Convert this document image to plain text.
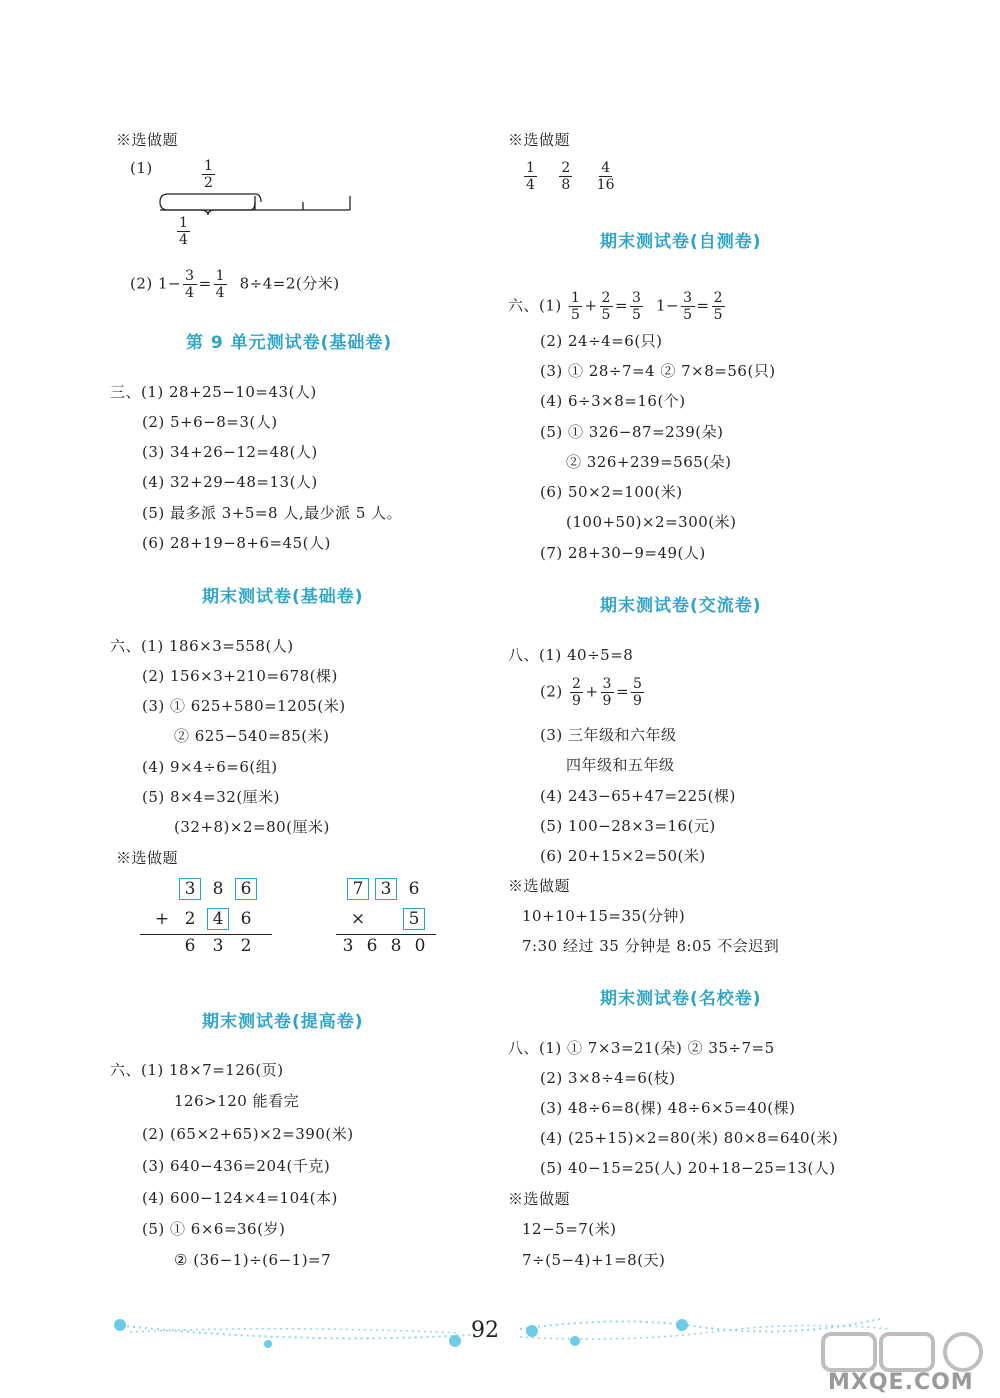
※选做题
(1)	$\frac{1}{2}$
$\frac{1}{4}$
(2) $1- \frac{3}{4} = \frac{1}{4} 8\div 4=2$(分米)
第 9 单元测试卷(基础卷)
三、(1) 28+25−10=43(人)
(2) 5+6−8=3(人)
(3) 34+26−12=48(人)
(4) 32+29−48=13(人)
(5) 最多派 3+5=8 人,最少派 5 人。
(6) 28+19−8+6=45(人)
期末测试卷(基础卷)
六、(1) 186×3=558(人)
(2) 156×3+210=678(棵)
(3) ① 625+580=1205(米)
② 625−540=85(米)
(4) 9×4÷6=6(组)
(5) 8×4=32(厘米)
(32+8)×2=80(厘米)
※选做题
3 8 6
+ 2 4 6
6 3 2
7 3 6
×	5
3 6 8 0
期末测试卷(提高卷)
六、(1) 18×7=126(页)
126>120 能看完
(2) (65×2+65)×2=390(米)
(3) 640−436=204(千克)
(4) 600−124×4=104(本)
(5) ① 6×6=36(岁)
② (36−1)÷(6−1)=7
※选做题
$\frac{1}{4}$
$\frac{2}{8}$
$\frac{4}{16}$
期末测试卷(自测卷)
六、$(1) \frac{1}{5} + \frac{2}{5} = \frac{3}{5} 1- \frac{3}{5} = \frac{2}{5}$
(2) 24÷4=6(只)
(3) ① 28÷7=4 ② 7×8=56(只)
(4) 6÷3×8=16(个)
(5) ① 326−87=239(朵)
② 326+239=565(朵)
(6) 50×2=100(米)
(100+50)×2=300(米)
(7) 28+30−9=49(人)
期末测试卷(交流卷)
八、(1) 40÷5=8
$(2) \frac{2}{9} + \frac{3}{9} = \frac{5}{9}$
(3) 三年级和六年级
四年级和五年级
(4) 243−65+47=225(棵)
(5) 100−28×3=16(元)
(6) 20+15×2=50(米)
※选做题
10+10+15=35(分钟)
7:30 经过 35 分钟是 8:05 不会迟到
期末测试卷(名校卷)
八、(1) ① 7×3=21(朵) ② 35÷7=5
(2) 3×8÷4=6(枝)
(3) 48÷6=8(棵) 48÷6×5=40(棵)
(4) (25+15)×2=80(米) 80×8=640(米)
(5) 40−15=25(人) 20+18−25=13(人)
※选做题
12−5=7(米)
7÷(5−4)+1=8(天)
92
MXQE.COM
